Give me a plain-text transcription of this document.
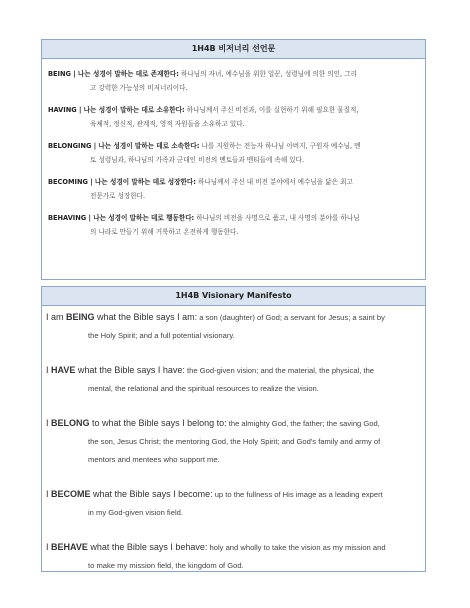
1H4B 비저너리 선언문
BEING | 나는 성경이 말하는 데로 존재한다: 하나님의 자녀, 예수님을 위한 일꾼, 성령님에 의한 의인, 그리
고 강력한 가능성의 비저너리이다.
HAVING | 나는 성경이 말하는 데로 소유한다: 하나님께서 주신 비전과, 이를 실현하기 위해 필요한 물질적,
육체적, 정신적, 관계적, 영적 자원들을 소유하고 있다.
BELONGING | 나는 성경이 말하는 데로 소속한다: 나를 지원하는 전능자 하나님 아버지, 구원자 예수님, 멘
토 성령님과, 하나님의 가족과 군대인 비전의 멘토들과 멘티들에 속해 있다.
BECOMING | 나는 성경이 말하는 데로 성장한다: 하나님께서 주신 내 비전 분야에서 예수님을 닮은 최고
전문가로 성장한다.
BEHAVING | 나는 성경이 말하는 데로 행동한다: 하나님의 비전을 사명으로 품고, 내 사명의 분야를 하나님
의 나라로 만들기 위해 거룩하고 온전하게 행동한다.
1H4B Visionary Manifesto
I am BEING what the Bible says I am: a son (daughter) of God; a servant for Jesus; a saint by
the Holy Spirit; and a full potential visionary.
I HAVE what the Bible says I have: the God-given vision; and the material, the physical, the
mental, the relational and the spiritual resources to realize the vision.
I BELONG to what the Bible says I belong to: the almighty God, the father; the saving God,
the son, Jesus Christ; the mentoring God, the Holy Spirit; and God's family and army of
mentors and mentees who support me.
I BECOME what the Bible says I become: up to the fullness of His image as a leading expert
in my God-given vision field.
I BEHAVE what the Bible says I behave: holy and wholly to take the vision as my mission and
to make my mission field, the kingdom of God.
